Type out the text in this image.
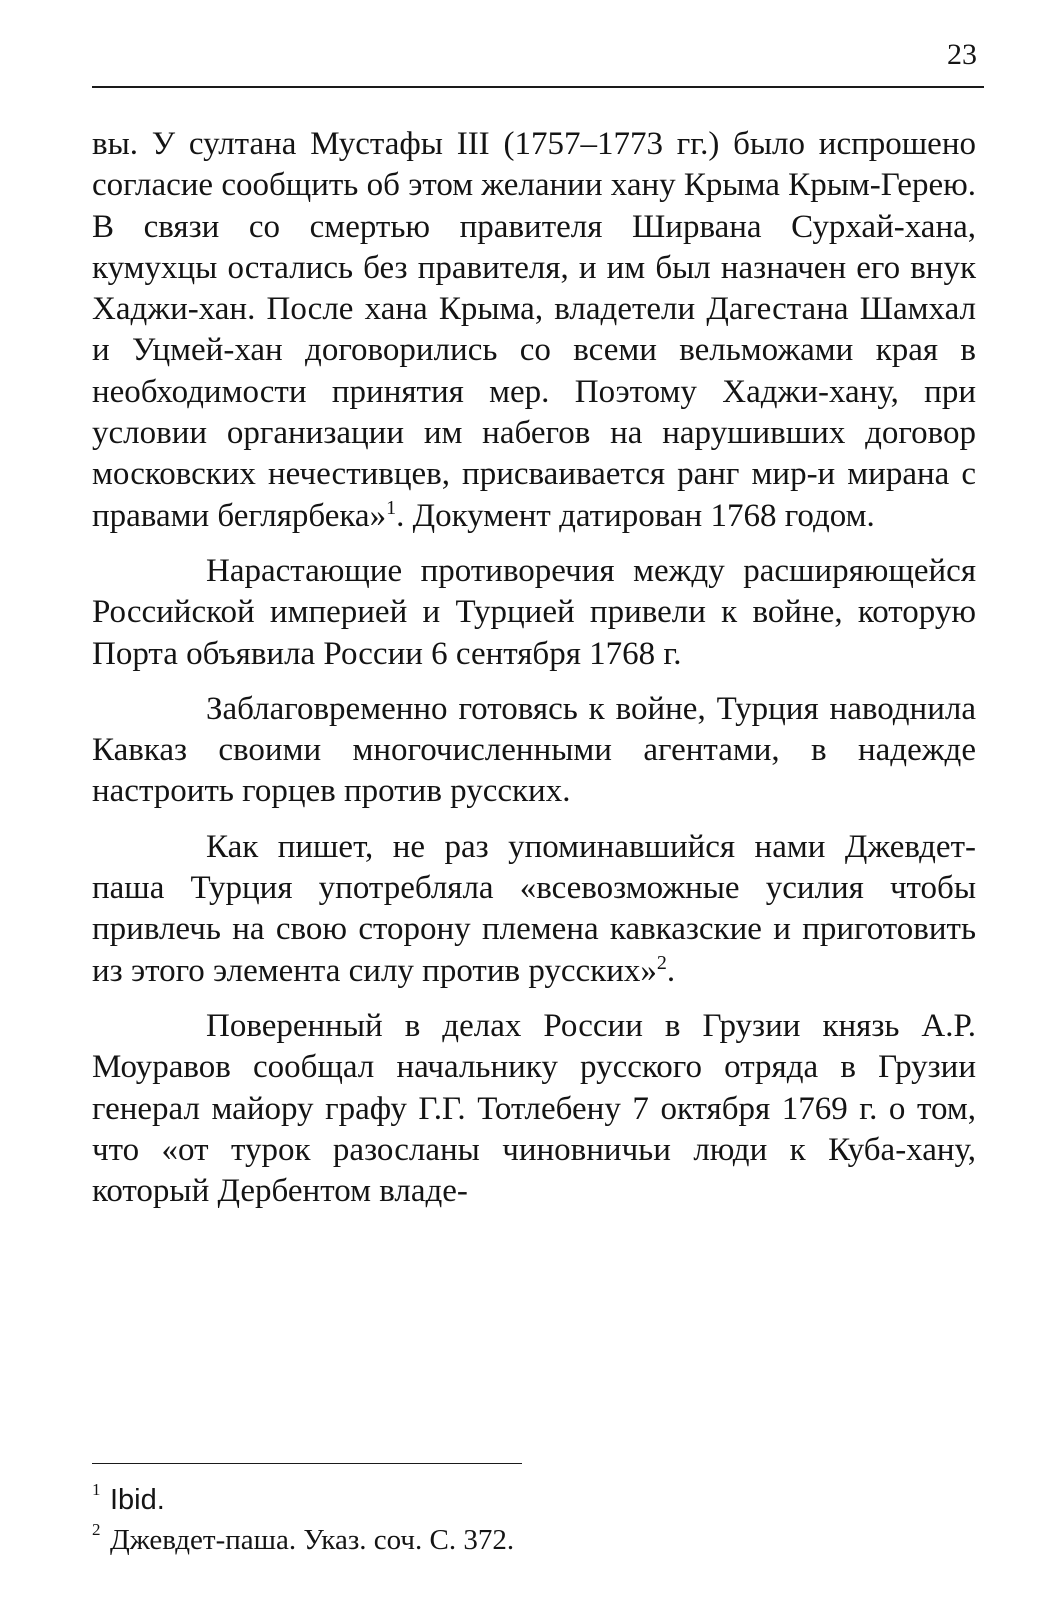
23

вы. У султана Мустафы III (1757–1773 гг.) было испрошено согласие сообщить об этом желании хану Крыма Крым-Герею. В связи со смертью правителя Ширвана Сурхай-хана, кумухцы остались без правителя, и им был назначен его внук Хаджи-хан. После хана Крыма, владетели Дагестана Шамхал и Уцмей-хан договорились со всеми вельможами края в необходимости принятия мер. Поэтому Хаджи-хану, при условии организации им набегов на нарушивших договор московских нечестивцев, присваивается ранг мир-и мирана с правами беглярбека»$^1$. Документ датирован 1768 годом.

Нарастающие противоречия между расширяющейся Российской империей и Турцией привели к войне, которую Порта объявила России 6 сентября 1768 г.

Заблаговременно готовясь к войне, Турция наводнила Кавказ своими многочисленными агентами, в надежде настроить горцев против русских.

Как пишет, не раз упоминавшийся нами Джевдет-паша Турция употребляла «всевозможные усилия чтобы привлечь на свою сторону племена кавказские и приготовить из этого элемента силу против русских»$^2$.

Поверенный в делах России в Грузии князь А.Р. Моуравов сообщал начальнику русского отряда в Грузии генерал майору графу Г.Г. Тотлебену 7 октября 1769 г. о том, что «от турок разосланы чиновничьи люди к Куба-хану, который Дербентом владе-

1 Ibid.

2 Джевдет-паша. Указ. соч. С. 372.
